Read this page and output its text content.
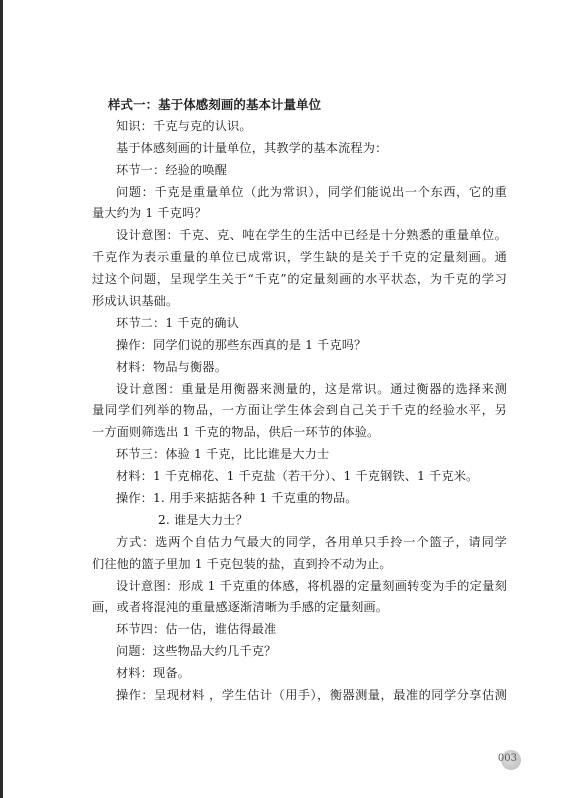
样式一：基于体感刻画的基本计量单位
知识：千克与克的认识。
基于体感刻画的计量单位，其教学的基本流程为：
环节一：经验的唤醒
问题：千克是重量单位（此为常识），同学们能说出一个东西，它的重
量大约为 1 千克吗？
设计意图：千克、克、吨在学生的生活中已经是十分熟悉的重量单位。
千克作为表示重量的单位已成常识，学生缺的是关于千克的定量刻画。通
过这个问题，呈现学生关于“千克”的定量刻画的水平状态，为千克的学习
形成认识基础。
环节二：1 千克的确认
操作：同学们说的那些东西真的是 1 千克吗？
材料：物品与衡器。
设计意图：重量是用衡器来测量的，这是常识。通过衡器的选择来测
量同学们列举的物品，一方面让学生体会到自己关于千克的经验水平，另
一方面则筛选出 1 千克的物品，供后一环节的体验。
环节三：体验 1 千克，比比谁是大力士
材料：1 千克棉花、1 千克盐（若干分）、1 千克钢铁、1 千克米。
操作：1. 用手来掂掂各种 1 千克重的物品。
2. 谁是大力士？
方式：选两个自估力气最大的同学，各用单只手拎一个篮子，请同学
们往他的篮子里加 1 千克包装的盐，直到拎不动为止。
设计意图：形成 1 千克重的体感，将机器的定量刻画转变为手的定量刻
画，或者将混沌的重量感逐渐清晰为手感的定量刻画。
环节四：估一估，谁估得最准
问题：这些物品大约几千克？
材料：现备。
操作：呈现材料 ，学生估计（用手），衡器测量，最准的同学分享估测
003
